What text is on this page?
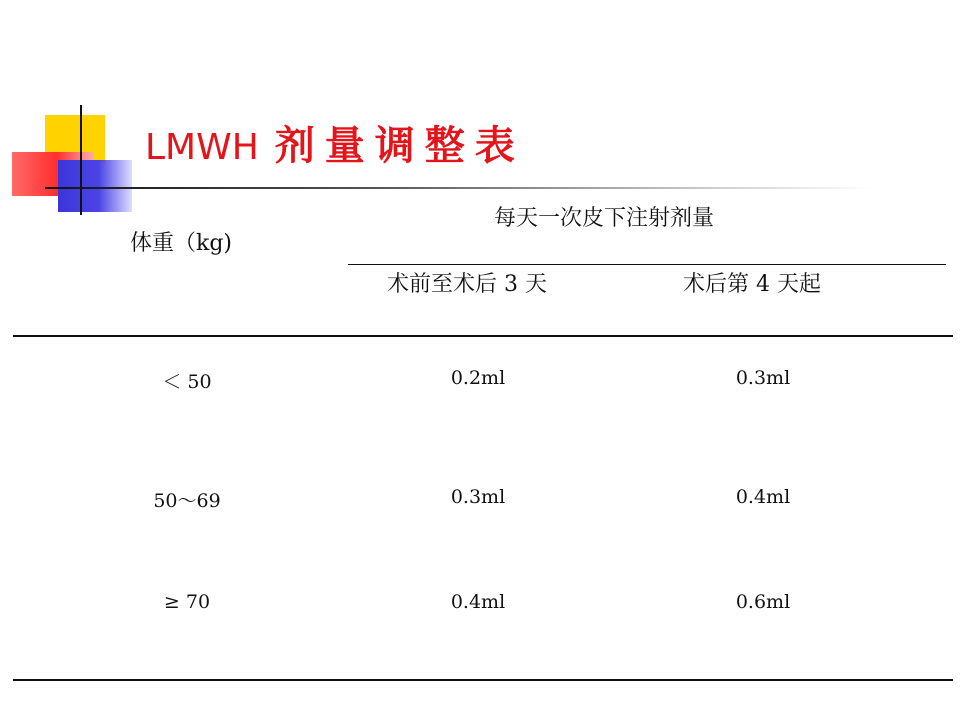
LMWH 剂量调整表
体重（kg)
每天一次皮下注射剂量
术前至术后 3 天	术后第 4 天起
＜ 50	0.2ml	0.3ml
50～69	0.3ml	0.4ml
≥ 70	0.4ml	0.6ml
